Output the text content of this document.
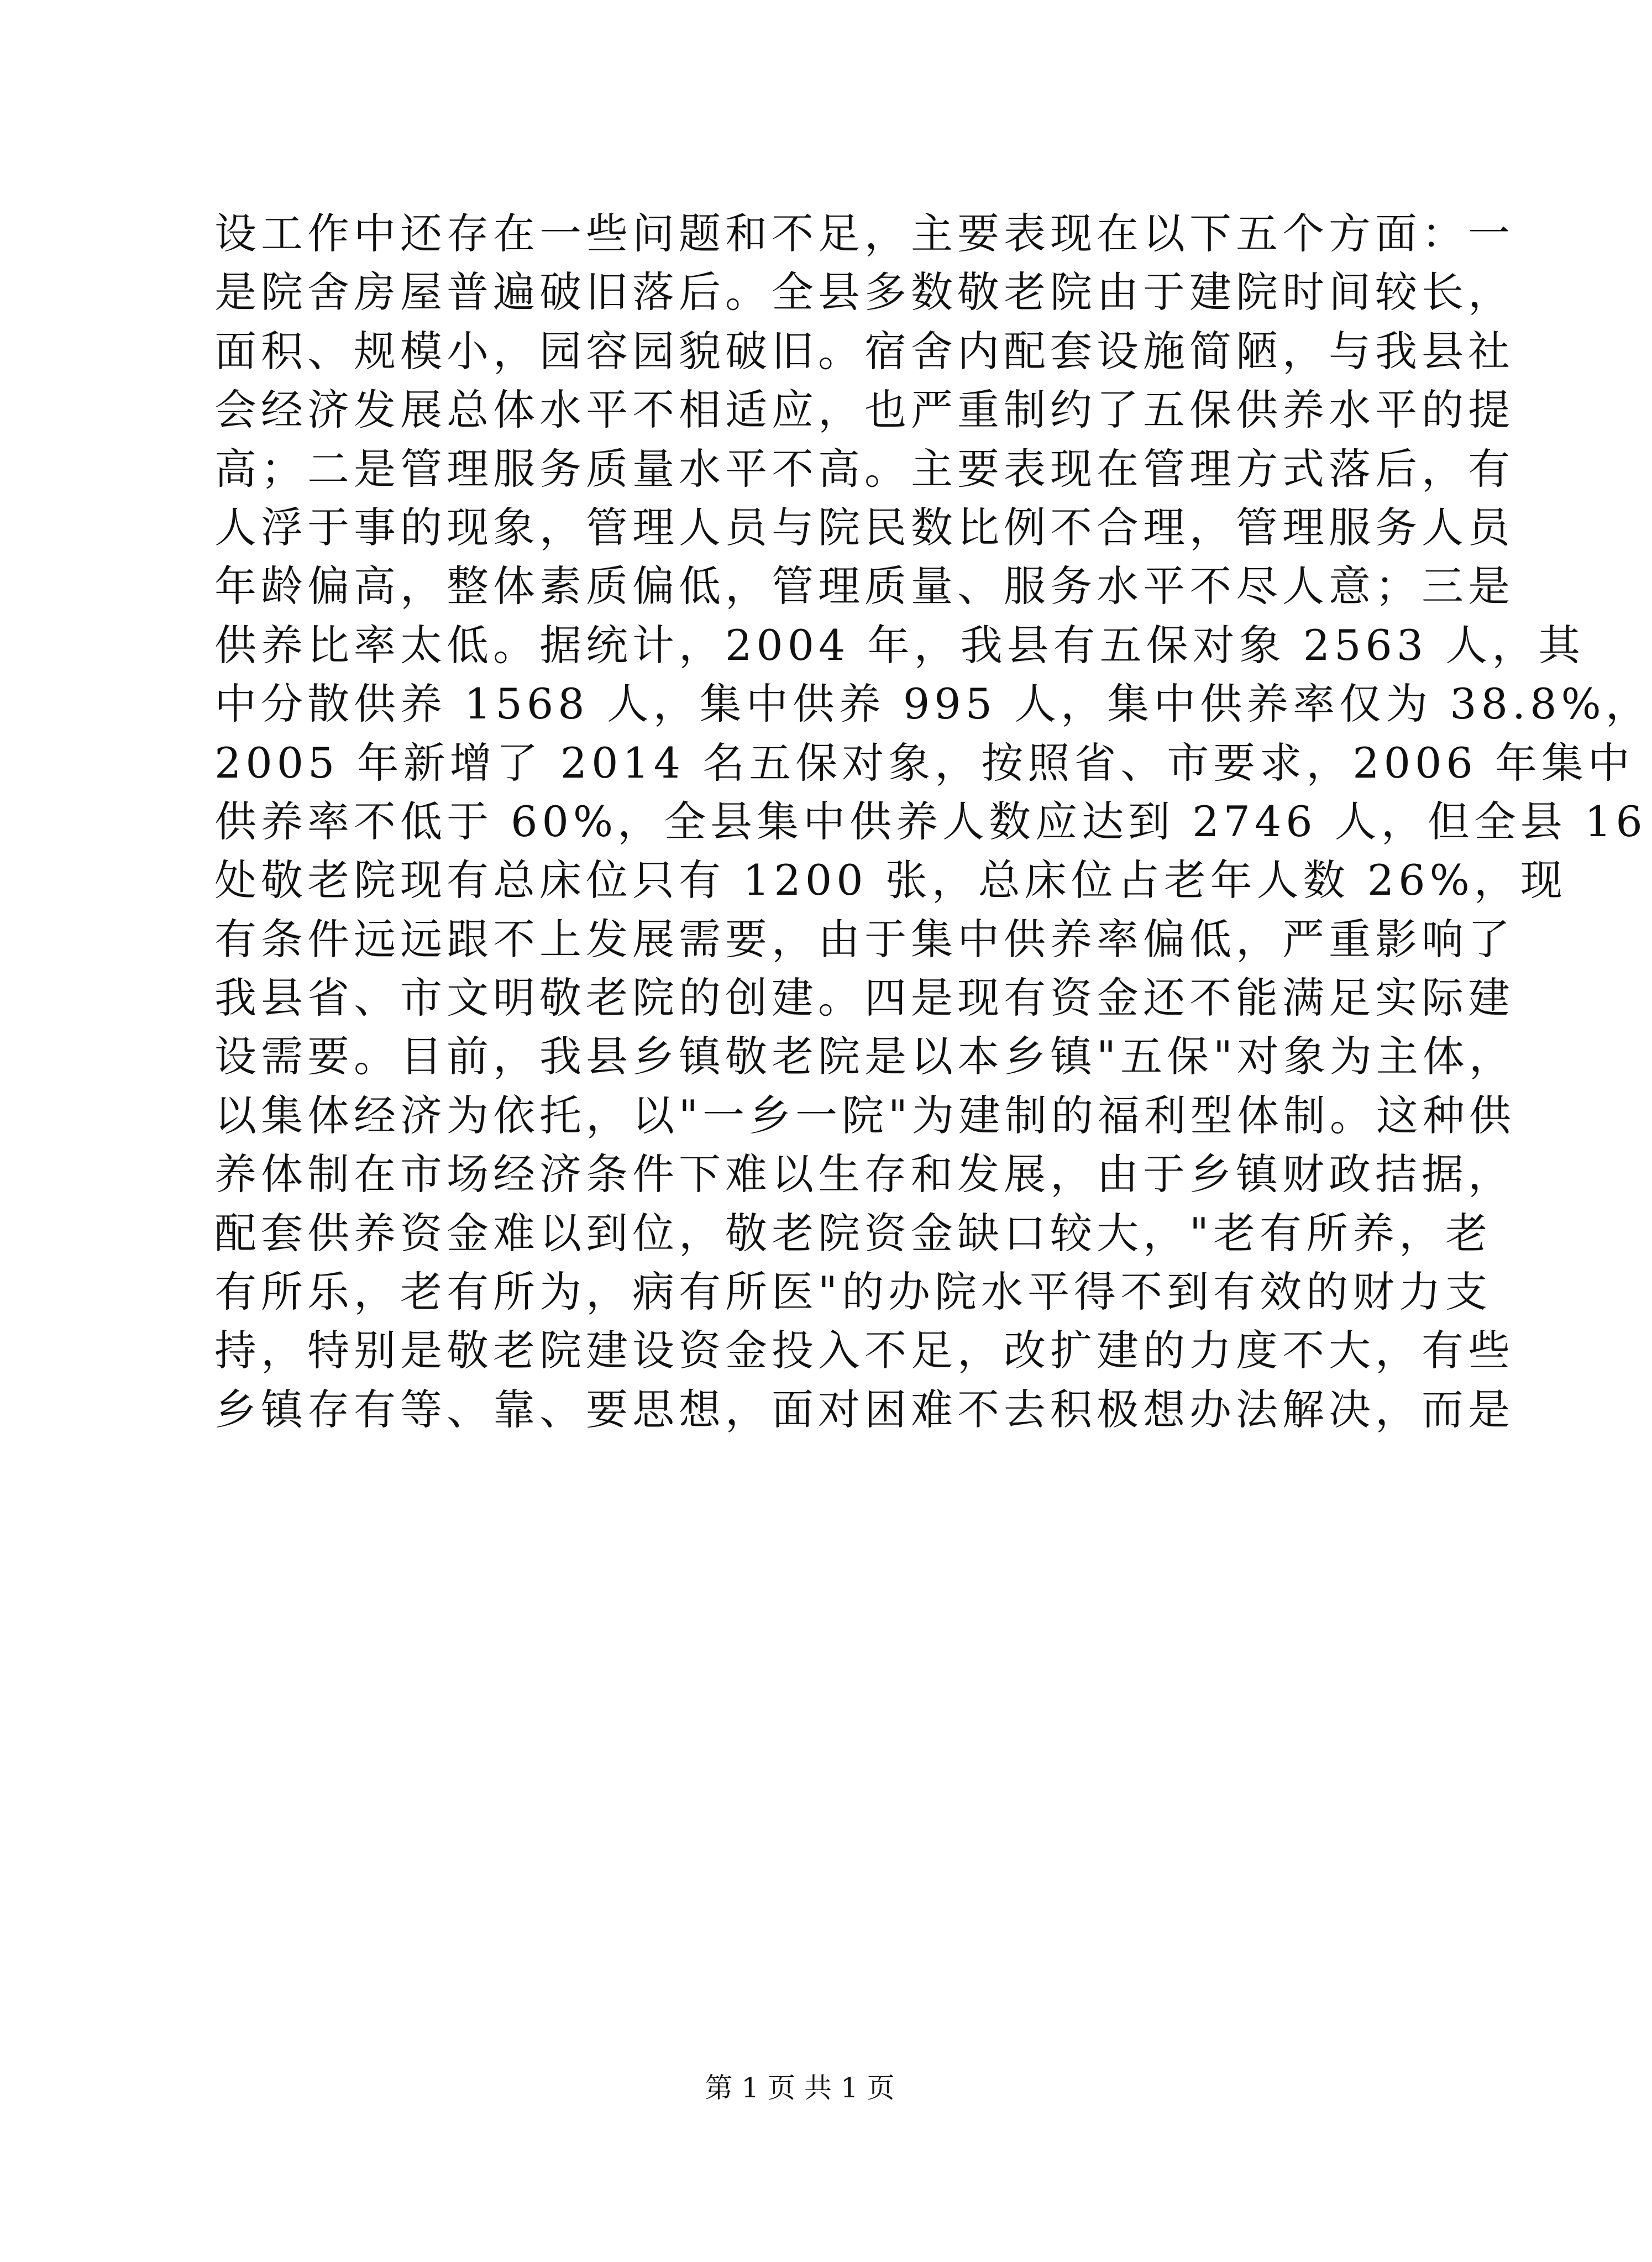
设工作中还存在一些问题和不足，主要表现在以下五个方面：一
是院舍房屋普遍破旧落后。全县多数敬老院由于建院时间较长，
面积、规模小，园容园貌破旧。宿舍内配套设施简陋，与我县社
会经济发展总体水平不相适应，也严重制约了五保供养水平的提
高；二是管理服务质量水平不高。主要表现在管理方式落后，有
人浮于事的现象，管理人员与院民数比例不合理，管理服务人员
年龄偏高，整体素质偏低，管理质量、服务水平不尽人意；三是
供养比率太低。据统计，2004 年，我县有五保对象 2563 人，其
中分散供养 1568 人，集中供养 995 人，集中供养率仅为 38.8%，
2005 年新增了 2014 名五保对象，按照省、市要求，2006 年集中
供养率不低于 60%，全县集中供养人数应达到 2746 人，但全县 16
处敬老院现有总床位只有 1200 张，总床位占老年人数 26%，现
有条件远远跟不上发展需要，由于集中供养率偏低，严重影响了
我县省、市文明敬老院的创建。四是现有资金还不能满足实际建
设需要。目前，我县乡镇敬老院是以本乡镇"五保"对象为主体，
以集体经济为依托，以"一乡一院"为建制的福利型体制。这种供
养体制在市场经济条件下难以生存和发展，由于乡镇财政拮据，
配套供养资金难以到位，敬老院资金缺口较大，"老有所养，老
有所乐，老有所为，病有所医"的办院水平得不到有效的财力支
持，特别是敬老院建设资金投入不足，改扩建的力度不大，有些
乡镇存有等、靠、要思想，面对困难不去积极想办法解决，而是
第 1 页 共 1 页
